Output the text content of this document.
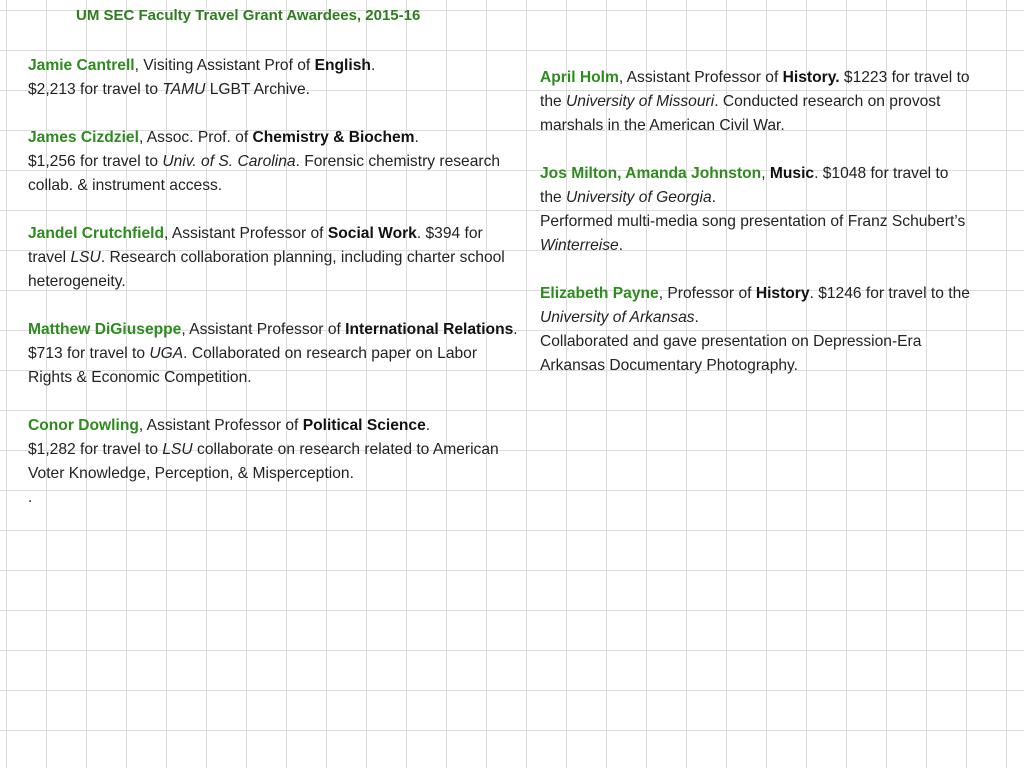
UM SEC Faculty Travel Grant Awardees, 2015-16

Jamie Cantrell, Visiting Assistant Prof of English.
$2,213 for travel to TAMU LGBT Archive.

James Cizdziel, Assoc. Prof. of Chemistry & Biochem.
$1,256 for travel to Univ. of S. Carolina. Forensic chemistry research collab. & instrument access.

Jandel Crutchfield, Assistant Professor of Social Work. $394 for travel LSU. Research collaboration planning, including charter school heterogeneity.

Matthew DiGiuseppe, Assistant Professor of International Relations. $713 for travel to UGA. Collaborated on research paper on Labor Rights & Economic Competition.

Conor Dowling, Assistant Professor of Political Science.
$1,282 for travel to LSU collaborate on research related to American Voter Knowledge, Perception, & Misperception.
.

April Holm, Assistant Professor of History. $1223 for travel to the University of Missouri. Conducted research on provost marshals in the American Civil War.

Jos Milton, Amanda Johnston, Music. $1048 for travel to the University of Georgia.
Performed multi-media song presentation of Franz Schubert’s Winterreise.

Elizabeth Payne, Professor of History. $1246 for travel to the University of Arkansas.
Collaborated and gave presentation on Depression-Era Arkansas Documentary Photography.
